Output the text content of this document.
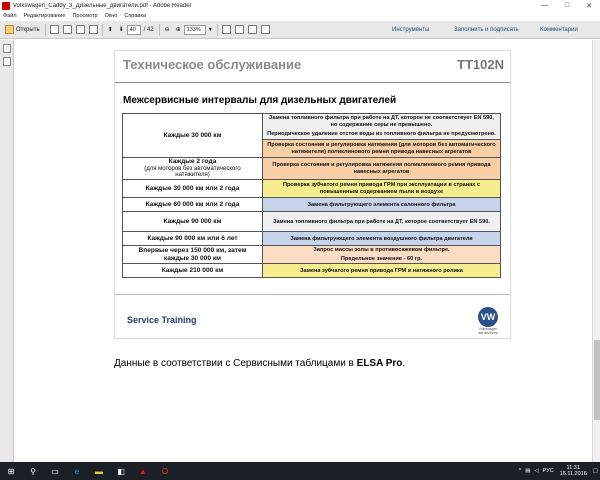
Volkswagen_Caddy_3_Дизельные_двигатели.pdf - Adobe Reader	—	□	✕
Файл Редактирование Просмотр Окно Справка
Открыть	⬆	⬇	40	/ 42	⊖	⊕	133%	▾	Инструменты	Заполнить и подписать	Комментарии
Техническое обслуживание	TT102N
Межсервисные интервалы для дизельных двигателей
Каждые 30 000 км	Замена топливного фильтра при работе на ДТ, которое не соответствует EN 590, но содержание серы не превышено.
Периодическое удаление отстоя воды из топливного фильтра не предусмотрено.

	Проверка состояния и регулировка натяжения (для моторов без автоматического натяжителя) поликлинового ремня привода навесных агрегатов

Каждые 2 года
(для моторов без автоматического натяжителя)	Проверка состояния и регулировка натяжения поликлинового ремня привода навесных агрегатов

Каждые 30 000 км или 2 года	Проверка зубчатого ремня привода ГРМ при эксплуатации в странах с повышенным содержанием пыли в воздухе

Каждые 60 000 км или 2 года	Замена фильтрующего элемента салонного фильтра

Каждые 90 000 км	Замена топливного фильтра при работе на ДТ, которое соответствует EN 590.

Каждые 90 000 км или 6 лет	Замена фильтрующего элемента воздушного фильтра двигателя

Впервые через 150 000 км, затем каждые 30 000 км	Запрос массы золы в противосажевом фильтре.
Предельное значение - 60 гр.

Каждые 210 000 км	Замена зубчатого ремня привода ГРМ и натяжного ролика
Service Training	VW
Volkswagen автомобиль
Данные в соответствии с Сервисными таблицами в ELSA Pro.
⊞	⚲	▭	e	▬	◧	▲	O	^ ▤ ◁ РУС
11:31
16.11.2016 ▢
